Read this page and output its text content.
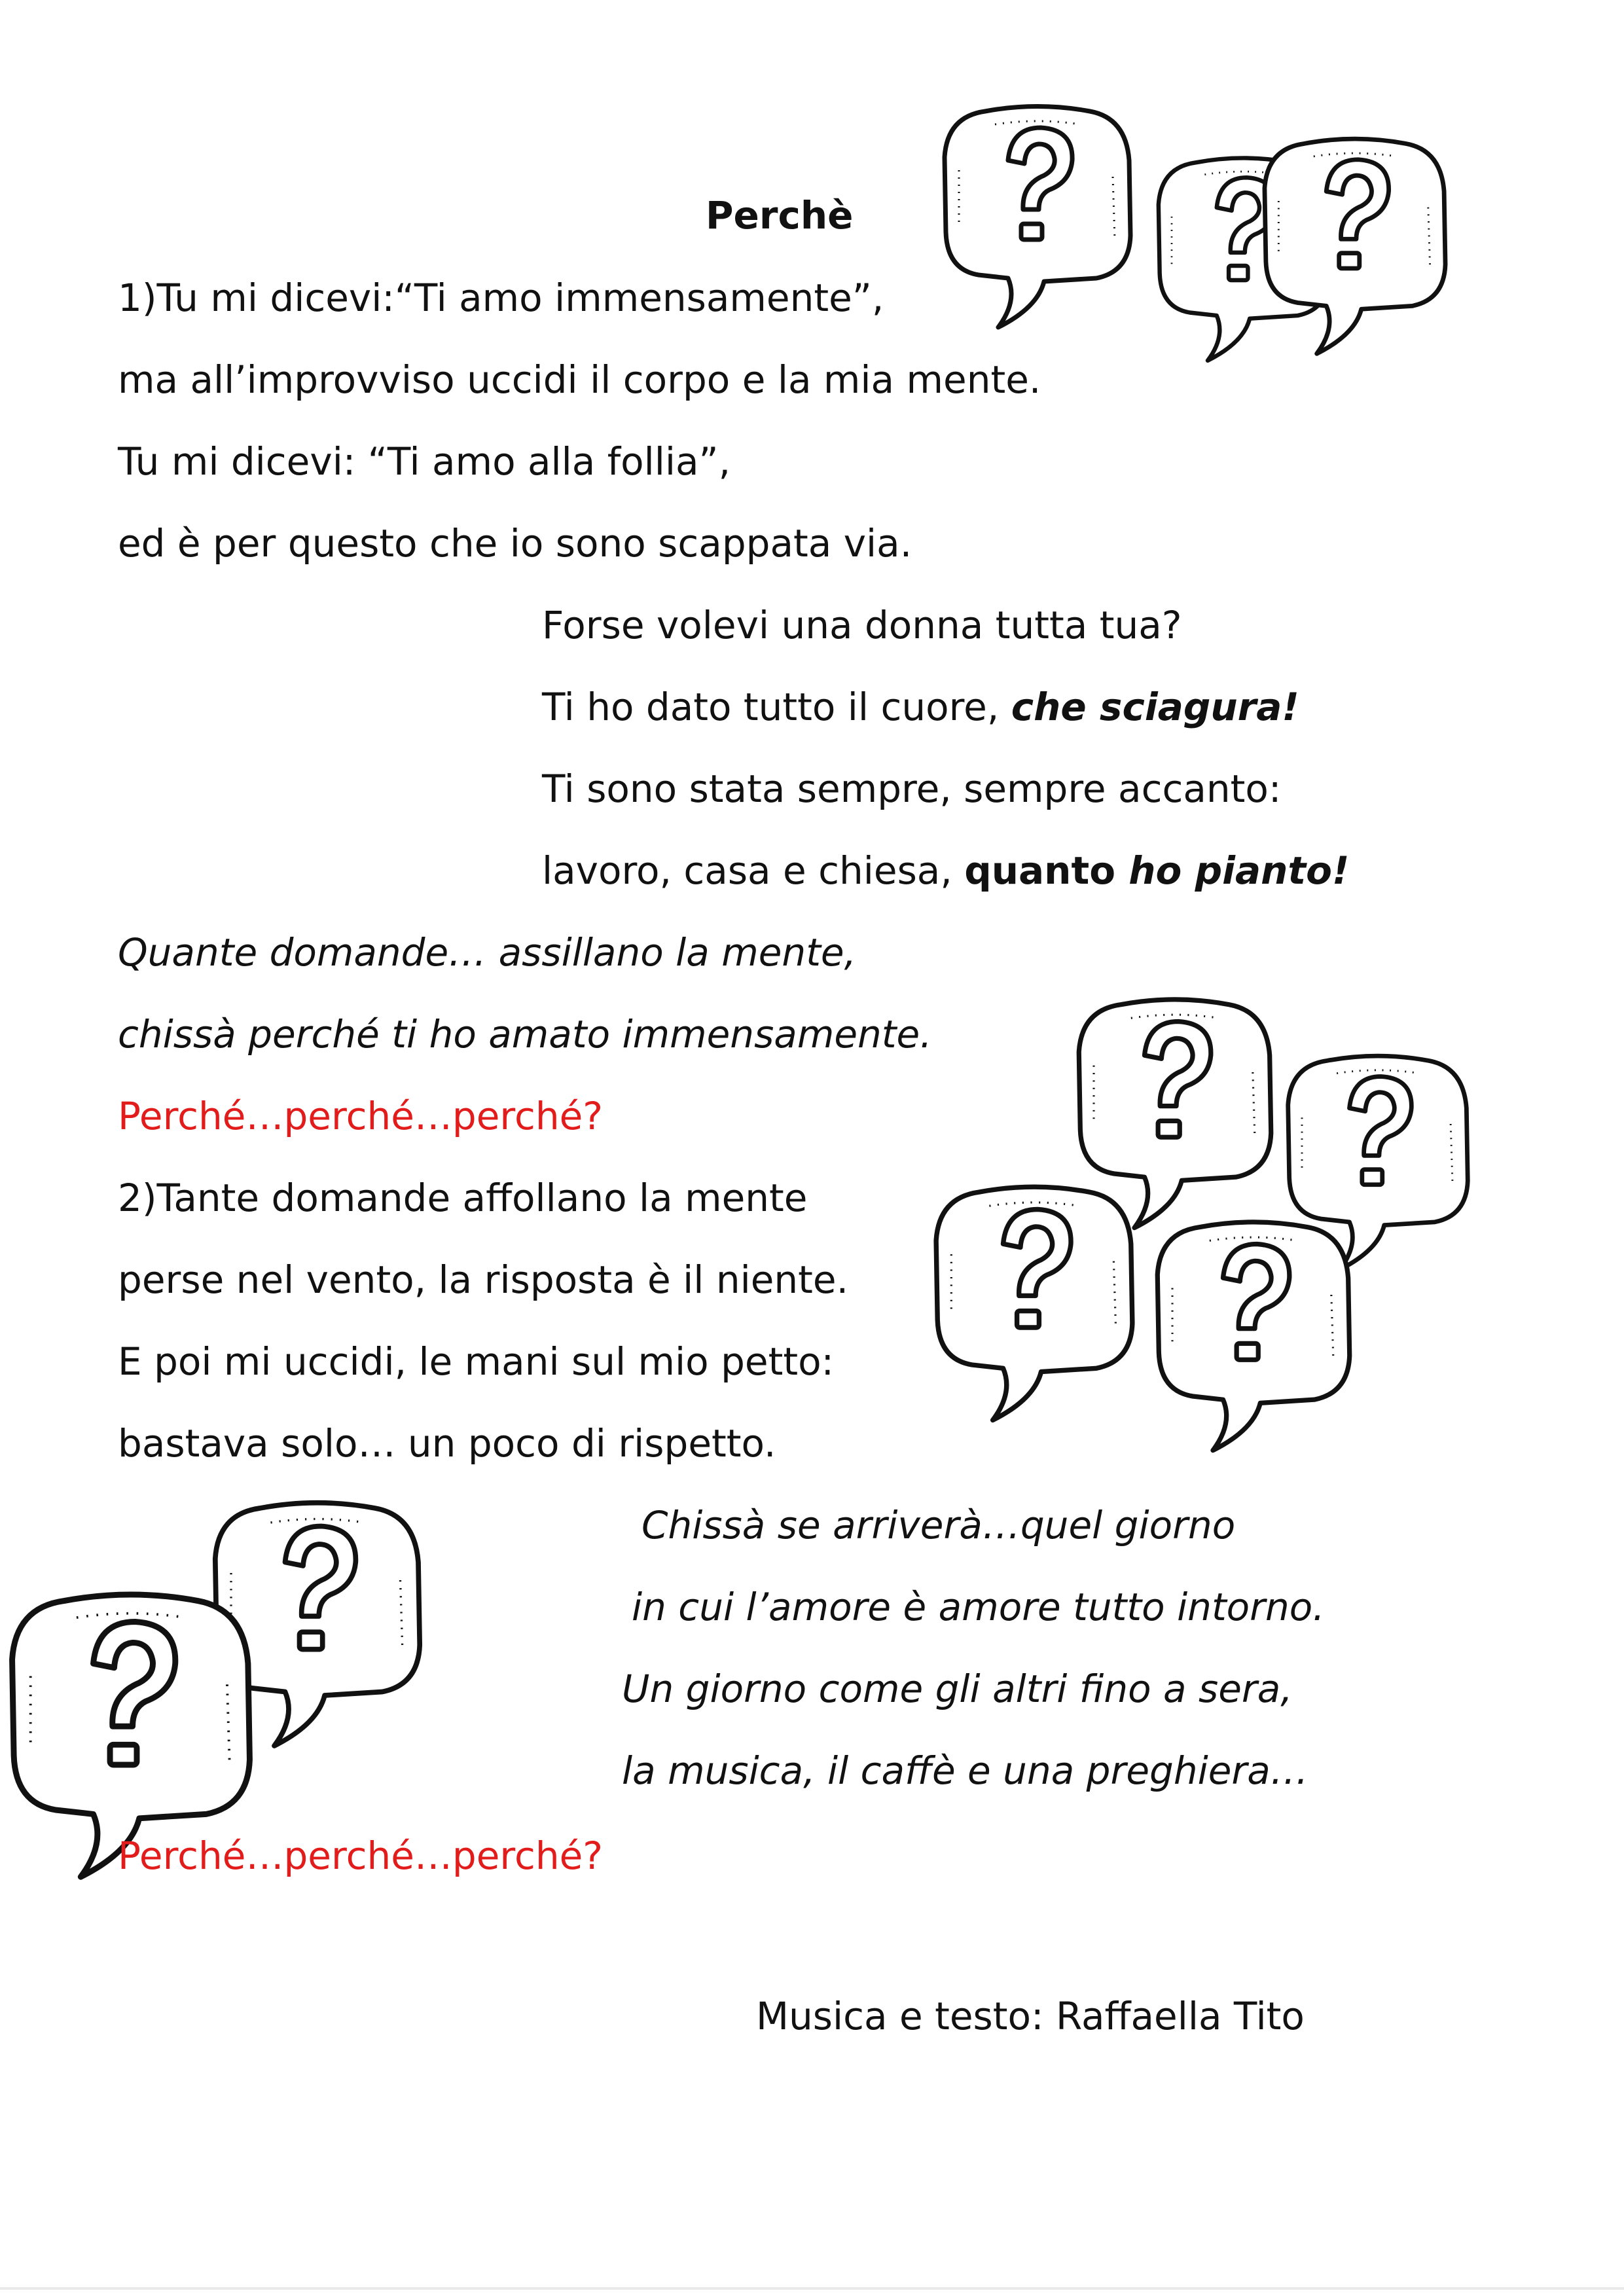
Perchè
1)Tu mi dicevi:“Ti amo immensamente”,
ma all’improvviso uccidi il corpo e la mia mente.
Tu mi dicevi: “Ti amo alla follia”,
ed è per questo che io sono scappata via.
Forse volevi una donna tutta tua?
Ti ho dato tutto il cuore, che sciagura!
Ti sono stata sempre, sempre accanto:
lavoro, casa e chiesa, quanto ho pianto!
Quante domande… assillano la mente,
chissà perché ti ho amato immensamente.
Perché…perché…perché?
2)Tante domande affollano la mente
perse nel vento, la risposta è il niente.
E poi mi uccidi, le mani sul mio petto:
bastava solo… un poco di rispetto.
Chissà se arriverà…quel giorno
in cui l’amore è amore tutto intorno.
Un giorno come gli altri fino a sera,
la musica, il caffè e una preghiera…
Perché…perché…perché?
Musica e testo: Raffaella Tito
